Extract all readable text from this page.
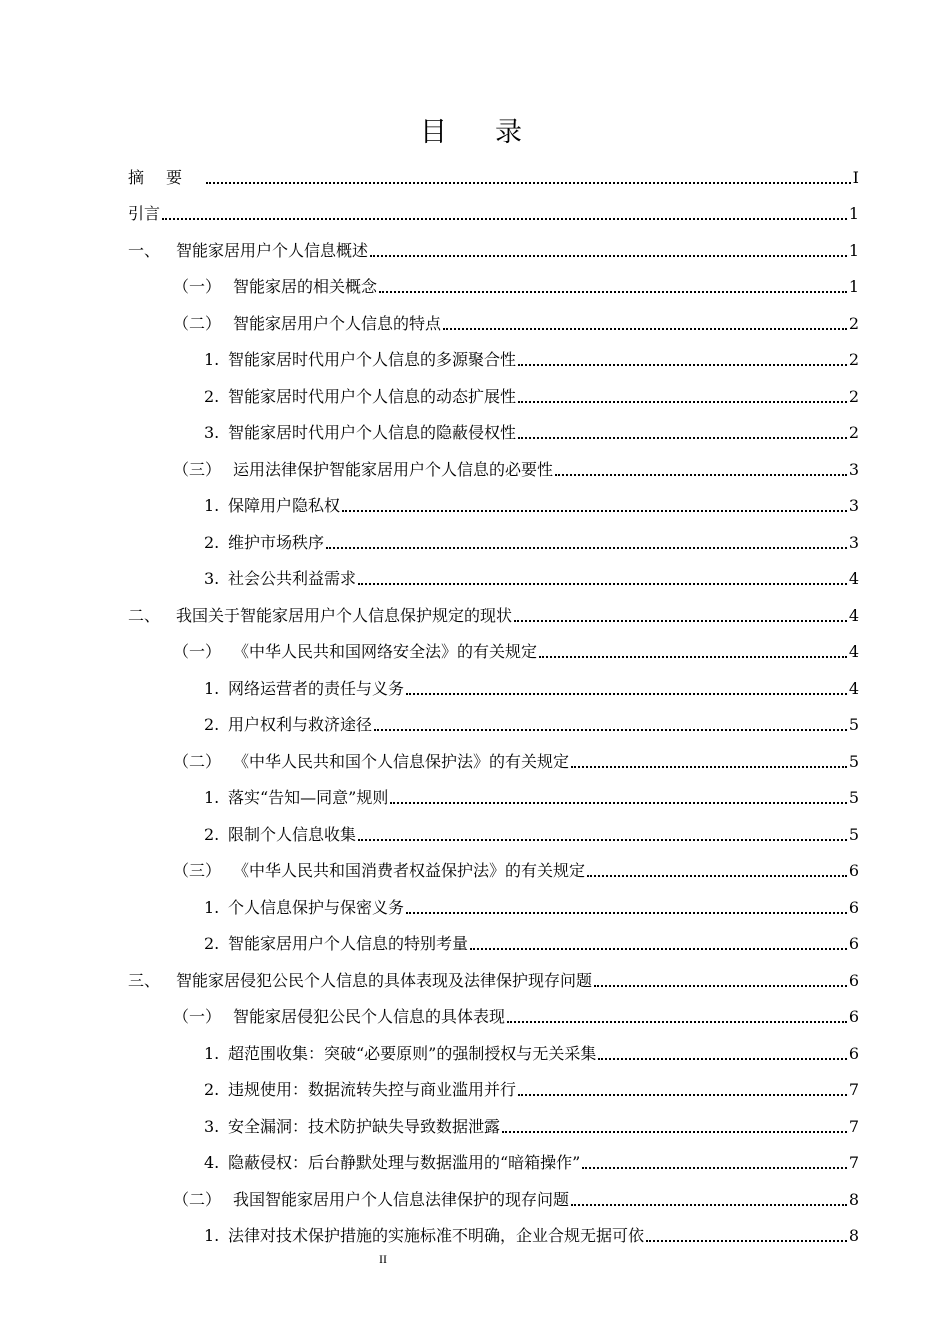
目录
摘要	I
引言	1
一、 智能家居用户个人信息概述	1
（一） 智能家居的相关概念	1
（二） 智能家居用户个人信息的特点	2
1. 智能家居时代用户个人信息的多源聚合性	2
2. 智能家居时代用户个人信息的动态扩展性	2
3. 智能家居时代用户个人信息的隐蔽侵权性	2
（三） 运用法律保护智能家居用户个人信息的必要性	3
1. 保障用户隐私权	3
2. 维护市场秩序	3
3. 社会公共利益需求	4
二、 我国关于智能家居用户个人信息保护规定的现状	4
（一） 《中华人民共和国网络安全法》的有关规定	4
1. 网络运营者的责任与义务	4
2. 用户权利与救济途径	5
（二） 《中华人民共和国个人信息保护法》的有关规定	5
1. 落实“告知—同意”规则	5
2. 限制个人信息收集	5
（三） 《中华人民共和国消费者权益保护法》的有关规定	6
1. 个人信息保护与保密义务	6
2. 智能家居用户个人信息的特别考量	6
三、 智能家居侵犯公民个人信息的具体表现及法律保护现存问题	6
（一） 智能家居侵犯公民个人信息的具体表现	6
1. 超范围收集：突破“必要原则”的强制授权与无关采集	6
2. 违规使用：数据流转失控与商业滥用并行	7
3. 安全漏洞：技术防护缺失导致数据泄露	7
4. 隐蔽侵权：后台静默处理与数据滥用的“暗箱操作”	7
（二） 我国智能家居用户个人信息法律保护的现存问题	8
1. 法律对技术保护措施的实施标准不明确，企业合规无据可依	8
II
